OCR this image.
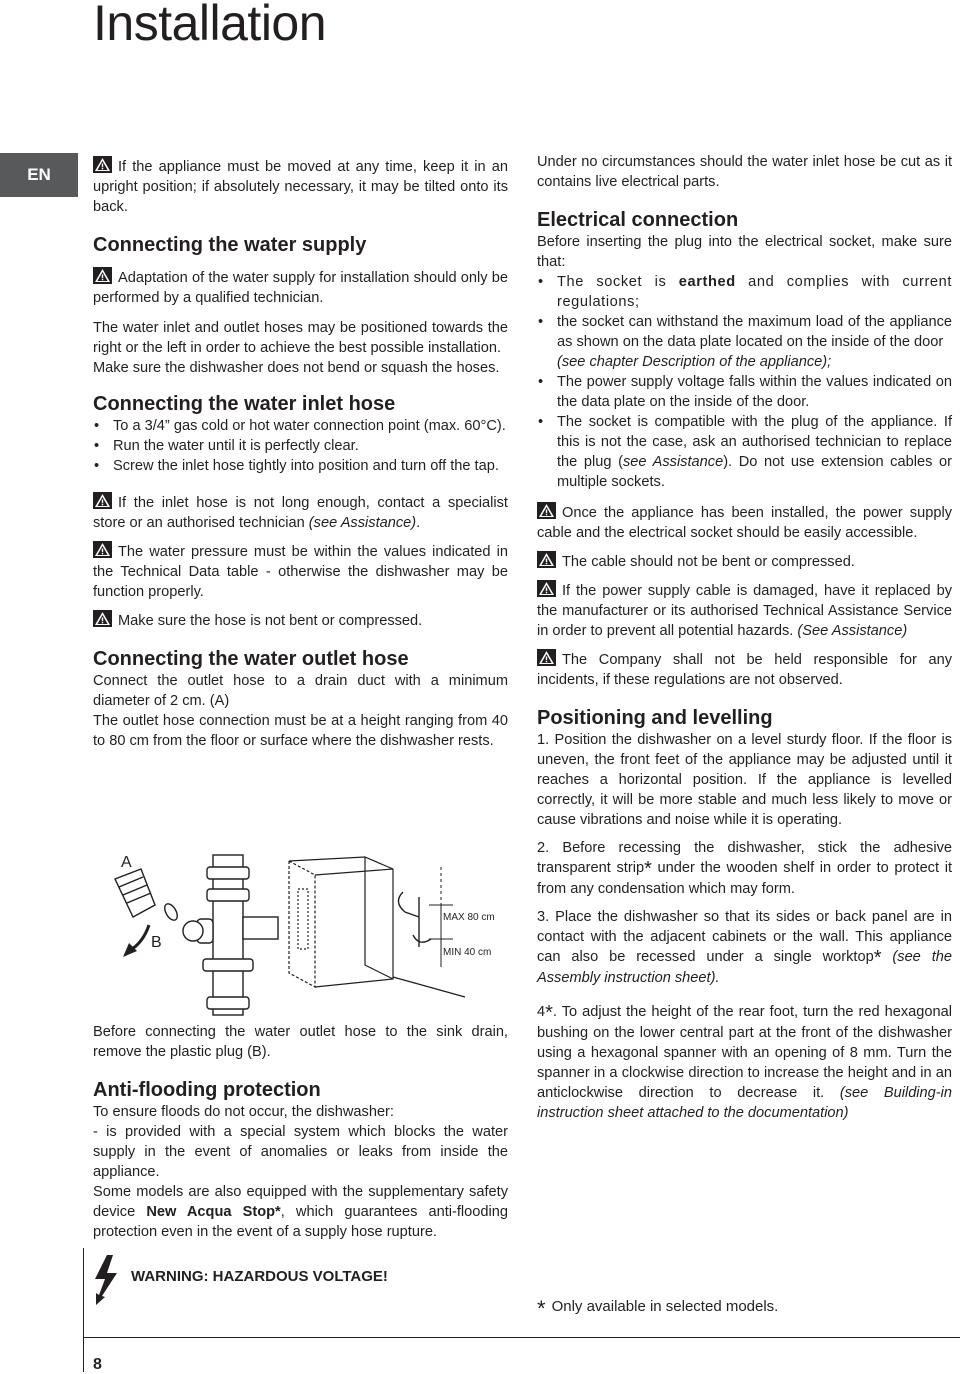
Installation
EN	If the appliance must be moved at any time, keep it in an upright position; if absolutely necessary, it may be tilted onto its back.

Connecting the water supply

Adaptation of the water supply for installation should only be performed by a qualified technician.

The water inlet and outlet hoses may be positioned towards the right or the left in order to achieve the best possible installation.

Make sure the dishwasher does not bend or squash the hoses.

Connecting the water inlet hose
• To a 3/4” gas cold or hot water connection point (max. 60°C).
• Run the water until it is perfectly clear.
• Screw the inlet hose tightly into position and turn off the tap.

If the inlet hose is not long enough, contact a specialist store or an authorised technician (see Assistance).

The water pressure must be within the values indicated in the Technical Data table - otherwise the dishwasher may be function properly.

Make sure the hose is not bent or compressed.

Connecting the water outlet hose

Connect the outlet hose to a drain duct with a minimum diameter of 2 cm. (A)

The outlet hose connection must be at a height ranging from 40 to 80 cm from the floor or surface where the dishwasher rests.

A
B
MAX 80 cm
MIN 40 cm

Before connecting the water outlet hose to the sink drain, remove the plastic plug (B).

Anti-flooding protection

To ensure floods do not occur, the dishwasher:

- is provided with a special system which blocks the water supply in the event of anomalies or leaks from inside the appliance.

Some models are also equipped with the supplementary safety device New Acqua Stop*, which guarantees anti-flooding protection even in the event of a supply hose rupture.

WARNING: HAZARDOUS VOLTAGE!

Under no circumstances should the water inlet hose be cut as it contains live electrical parts.

Electrical connection

Before inserting the plug into the electrical socket, make sure that:

• The socket is earthed and complies with current regulations;
• the socket can withstand the maximum load of the appliance as shown on the data plate located on the inside of the door
(see chapter Description of the appliance);
• The power supply voltage falls within the values indicated on the data plate on the inside of the door.
• The socket is compatible with the plug of the appliance. If this is not the case, ask an authorised technician to replace the plug (see Assistance). Do not use extension cables or multiple sockets.

Once the appliance has been installed, the power supply cable and the electrical socket should be easily accessible.

The cable should not be bent or compressed.

If the power supply cable is damaged, have it replaced by the manufacturer or its authorised Technical Assistance Service in order to prevent all potential hazards. (See Assistance)

The Company shall not be held responsible for any incidents, if these regulations are not observed.

Positioning and levelling

1. Position the dishwasher on a level sturdy floor. If the floor is uneven, the front feet of the appliance may be adjusted until it reaches a horizontal position. If the appliance is levelled correctly, it will be more stable and much less likely to move or cause vibrations and noise while it is operating.

2. Before recessing the dishwasher, stick the adhesive transparent strip* under the wooden shelf in order to protect it from any condensation which may form.

3. Place the dishwasher so that its sides or back panel are in contact with the adjacent cabinets or the wall. This appliance can also be recessed under a single worktop* (see the Assembly instruction sheet).

4*. To adjust the height of the rear foot, turn the red hexagonal bushing on the lower central part at the front of the dishwasher using a hexagonal spanner with an opening of 8 mm. Turn the spanner in a clockwise direction to increase the height and in an anticlockwise direction to decrease it. (see Building-in instruction sheet attached to the documentation)

* Only available in selected models.
8
